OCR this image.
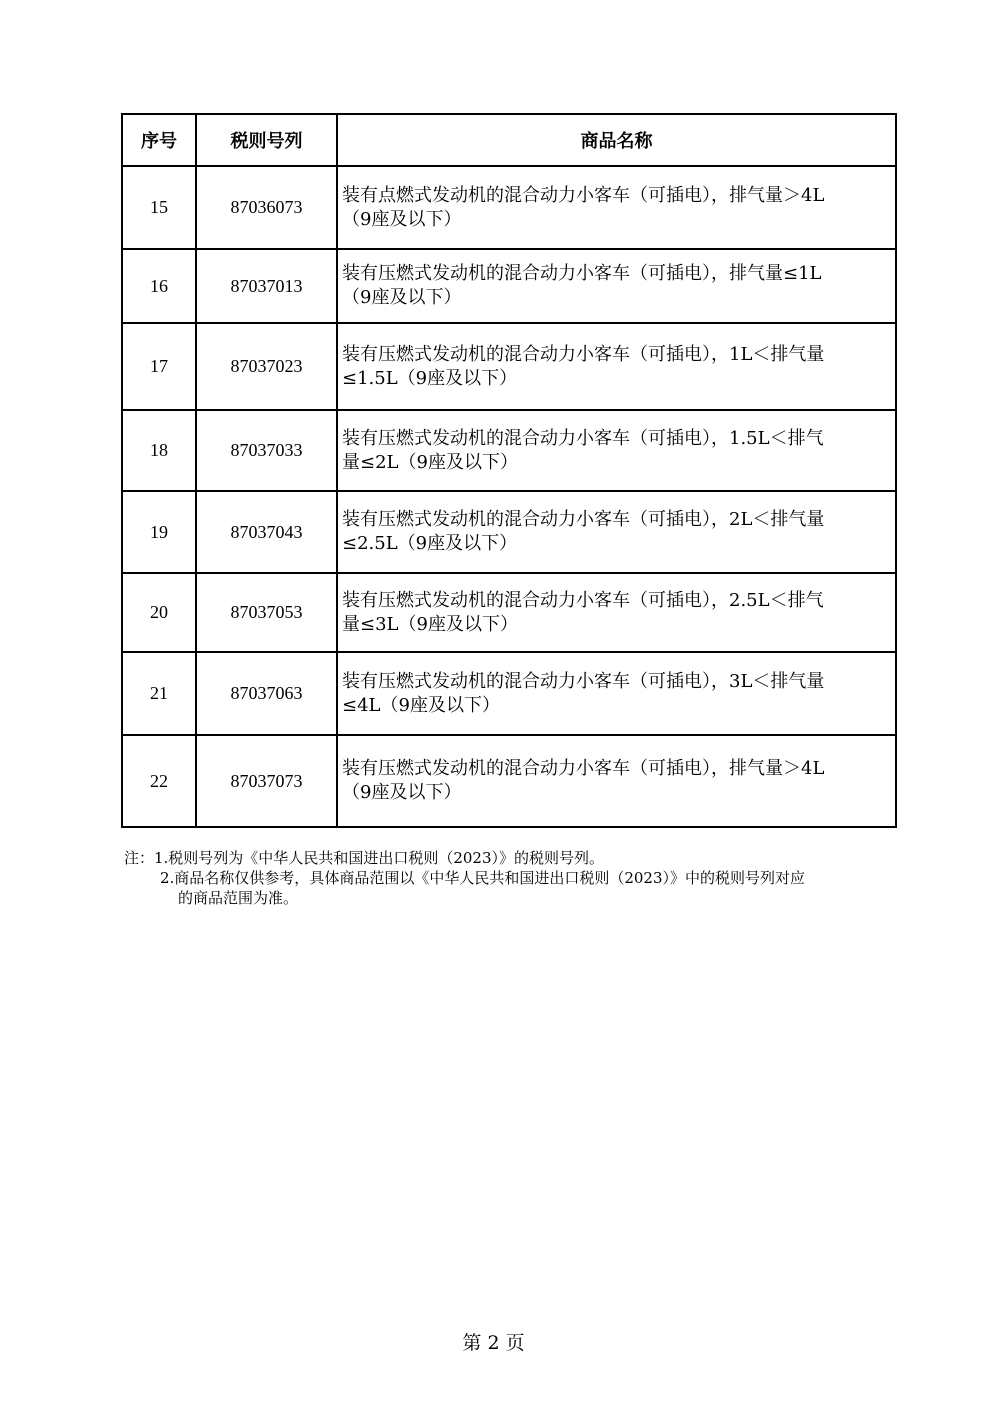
序号	税则号列	商品名称
15	87036073	装有点燃式发动机的混合动力小客车（可插电），排气量＞4L
（9座及以下）

16	87037013	装有压燃式发动机的混合动力小客车（可插电），排气量≤1L
（9座及以下）

17	87037023	装有压燃式发动机的混合动力小客车（可插电），1L＜排气量
≤1.5L（9座及以下）

18	87037033	装有压燃式发动机的混合动力小客车（可插电），1.5L＜排气
量≤2L（9座及以下）

19	87037043	装有压燃式发动机的混合动力小客车（可插电），2L＜排气量
≤2.5L（9座及以下）

20	87037053	装有压燃式发动机的混合动力小客车（可插电），2.5L＜排气
量≤3L（9座及以下）

21	87037063	装有压燃式发动机的混合动力小客车（可插电），3L＜排气量
≤4L（9座及以下）

22	87037073	装有压燃式发动机的混合动力小客车（可插电），排气量＞4L
（9座及以下）
注：1.税则号列为《中华人民共和国进出口税则（2023）》的税则号列。
2.商品名称仅供参考，具体商品范围以《中华人民共和国进出口税则（2023）》中的税则号列对应
的商品范围为准。
第 2 页
